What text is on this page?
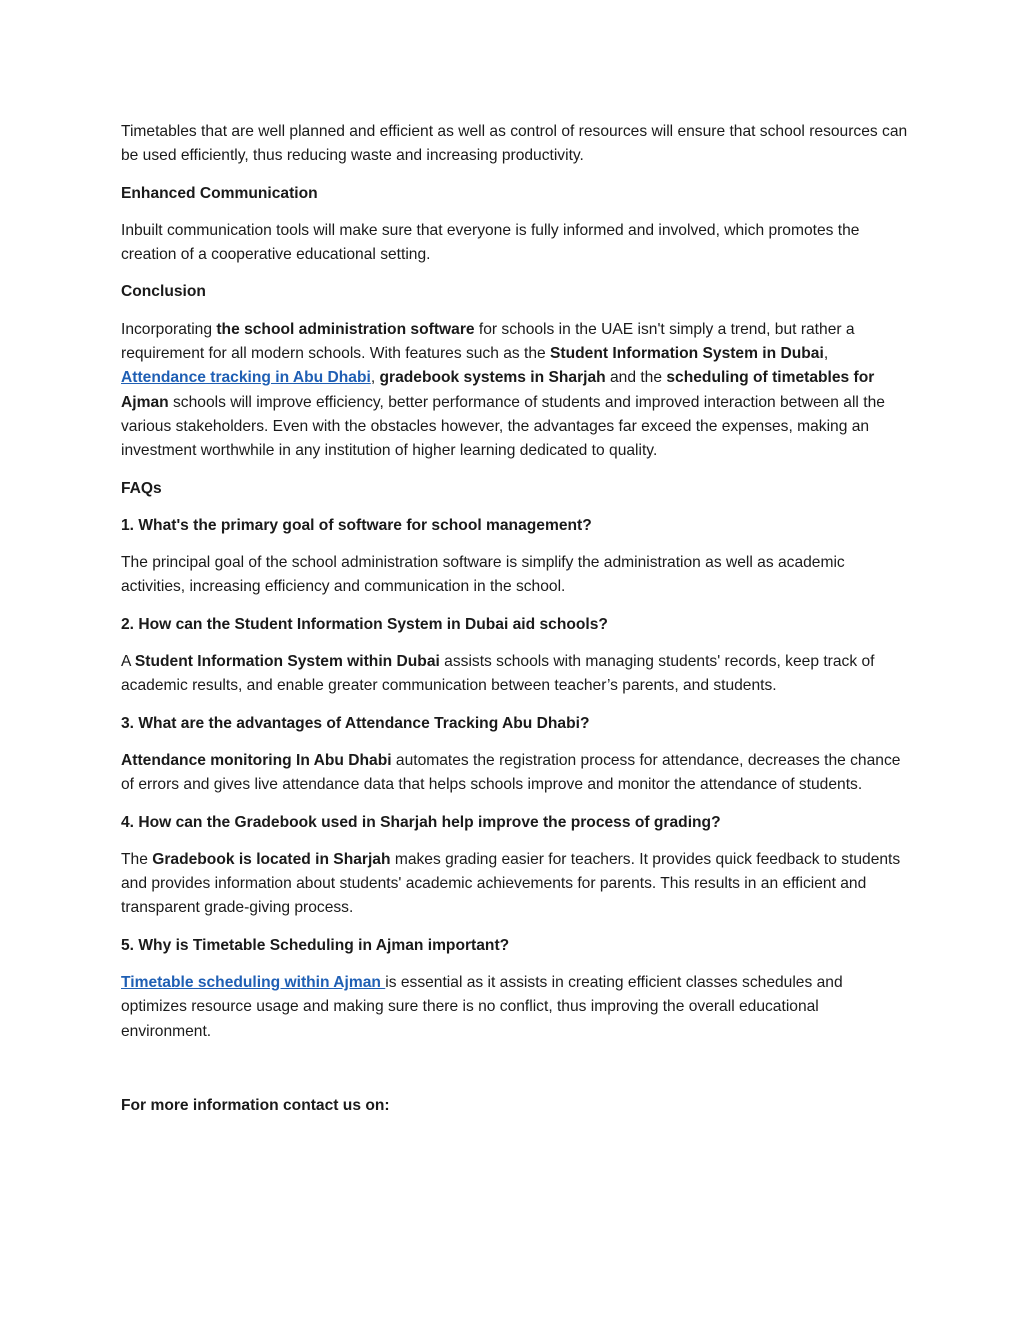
Timetables that are well planned and efficient as well as control of resources will ensure that school resources can be used efficiently, thus reducing waste and increasing productivity.

Enhanced Communication

Inbuilt communication tools will make sure that everyone is fully informed and involved, which promotes the creation of a cooperative educational setting.

Conclusion

Incorporating the school administration software for schools in the UAE isn't simply a trend, but rather a requirement for all modern schools. With features such as the Student Information System in Dubai, Attendance tracking in Abu Dhabi, gradebook systems in Sharjah and the scheduling of timetables for Ajman schools will improve efficiency, better performance of students and improved interaction between all the various stakeholders. Even with the obstacles however, the advantages far exceed the expenses, making an investment worthwhile in any institution of higher learning dedicated to quality.

FAQs

1. What's the primary goal of software for school management?

The principal goal of the school administration software is simplify the administration as well as academic activities, increasing efficiency and communication in the school.

2. How can the Student Information System in Dubai aid schools?

A Student Information System within Dubai assists schools with managing students' records, keep track of academic results, and enable greater communication between teacher’s parents, and students.

3. What are the advantages of Attendance Tracking Abu Dhabi?

Attendance monitoring In Abu Dhabi automates the registration process for attendance, decreases the chance of errors and gives live attendance data that helps schools improve and monitor the attendance of students.

4. How can the Gradebook used in Sharjah help improve the process of grading?

The Gradebook is located in Sharjah makes grading easier for teachers. It provides quick feedback to students and provides information about students' academic achievements for parents. This results in an efficient and transparent grade-giving process.

5. Why is Timetable Scheduling in Ajman important?

Timetable scheduling within Ajman is essential as it assists in creating efficient classes schedules and optimizes resource usage and making sure there is no conflict, thus improving the overall educational environment.

For more information contact us on:
